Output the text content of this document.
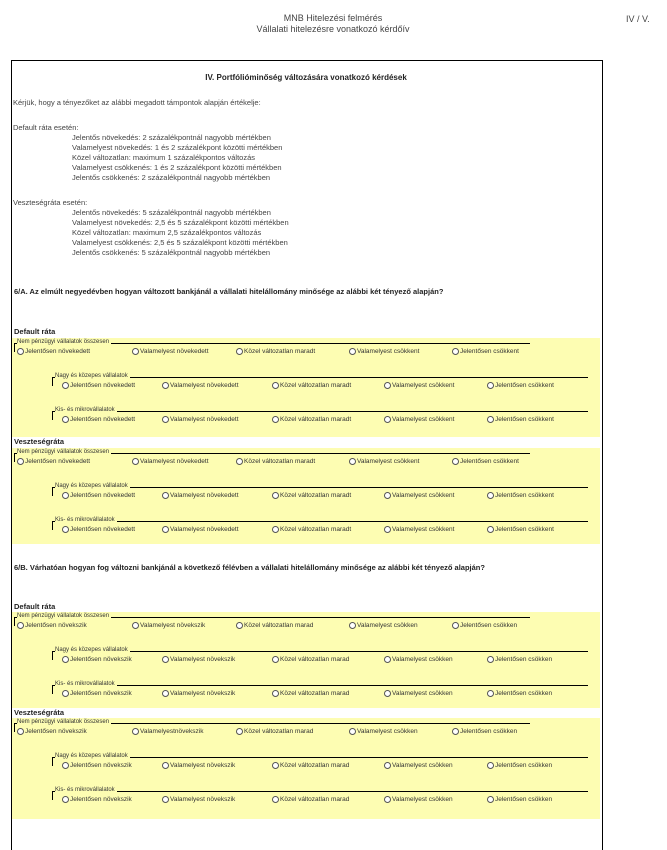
MNB Hitelezési felmérés
Vállalati hitelezésre vonatkozó kérdőív
IV / V.
IV. Portfólióminőség változására vonatkozó kérdések
Kérjük, hogy a tényezőket az alábbi megadott támpontok alapján értékelje:
Default ráta esetén:
Jelentős növekedés: 2 százalékpontnál nagyobb mértékben
Valamelyest növekedés: 1 és 2 százalékpont közötti mértékben
Közel változatlan: maximum 1 százalékpontos változás
Valamelyest csökkenés: 1 és 2 százalékpont közötti mértékben
Jelentős csökkenés: 2 százalékpontnál nagyobb mértékben
Veszteségráta esetén:
Jelentős növekedés: 5 százalékpontnál nagyobb mértékben
Valamelyest növekedés: 2,5 és 5 százalékpont közötti mértékben
Közel változatlan: maximum 2,5 százalékpontos változás
Valamelyest csökkenés: 2,5 és 5 százalékpont közötti mértékben
Jelentős csökkenés: 5 százalékpontnál nagyobb mértékben
6/A. Az elmúlt negyedévben hogyan változott bankjánál a vállalati hitelállomány minősége az alábbi két tényező alapján?
Default ráta
Nem pénzügyi vállalatok összesen
Jelentősen növekedett	Valamelyest növekedett	Közel változatlan maradt	Valamelyest csökkent	Jelentősen csökkent
Nagy és közepes vállalatok
Jelentősen növekedett	Valamelyest növekedett	Közel változatlan maradt	Valamelyest csökkent	Jelentősen csökkent
Kis- és mikrovállalatok
Jelentősen növekedett	Valamelyest növekedett	Közel változatlan maradt	Valamelyest csökkent	Jelentősen csökkent
Veszteségráta
Nem pénzügyi vállalatok összesen
Jelentősen növekedett	Valamelyest növekedett	Közel változatlan maradt	Valamelyest csökkent	Jelentősen csökkent
Nagy és közepes vállalatok
Jelentősen növekedett	Valamelyest növekedett	Közel változatlan maradt	Valamelyest csökkent	Jelentősen csökkent
Kis- és mikrovállalatok
Jelentősen növekedett	Valamelyest növekedett	Közel változatlan maradt	Valamelyest csökkent	Jelentősen csökkent
6/B. Várhatóan hogyan fog változni bankjánál a következő félévben a vállalati hitelállomány minősége az alábbi két tényező alapján?
Default ráta
Nem pénzügyi vállalatok összesen
Jelentősen növekszik	Valamelyest növekszik	Közel változatlan marad	Valamelyest csökken	Jelentősen csökken
Nagy és közepes vállalatok
Jelentősen növekszik	Valamelyest növekszik	Közel változatlan marad	Valamelyest csökken	Jelentősen csökken
Kis- és mikrovállalatok
Jelentősen növekszik	Valamelyest növekszik	Közel változatlan marad	Valamelyest csökken	Jelentősen csökken
Veszteségráta
Nem pénzügyi vállalatok összesen
Jelentősen növekszik	Valamelyestnövekszik	Közel változatlan marad	Valamelyest csökken	Jelentősen csökken
Nagy és közepes vállalatok
Jelentősen növekszik	Valamelyest növekszik	Közel változatlan marad	Valamelyest csökken	Jelentősen csökken
Kis- és mikrovállalatok
Jelentősen növekszik	Valamelyest növekszik	Közel változatlan marad	Valamelyest csökken	Jelentősen csökken
